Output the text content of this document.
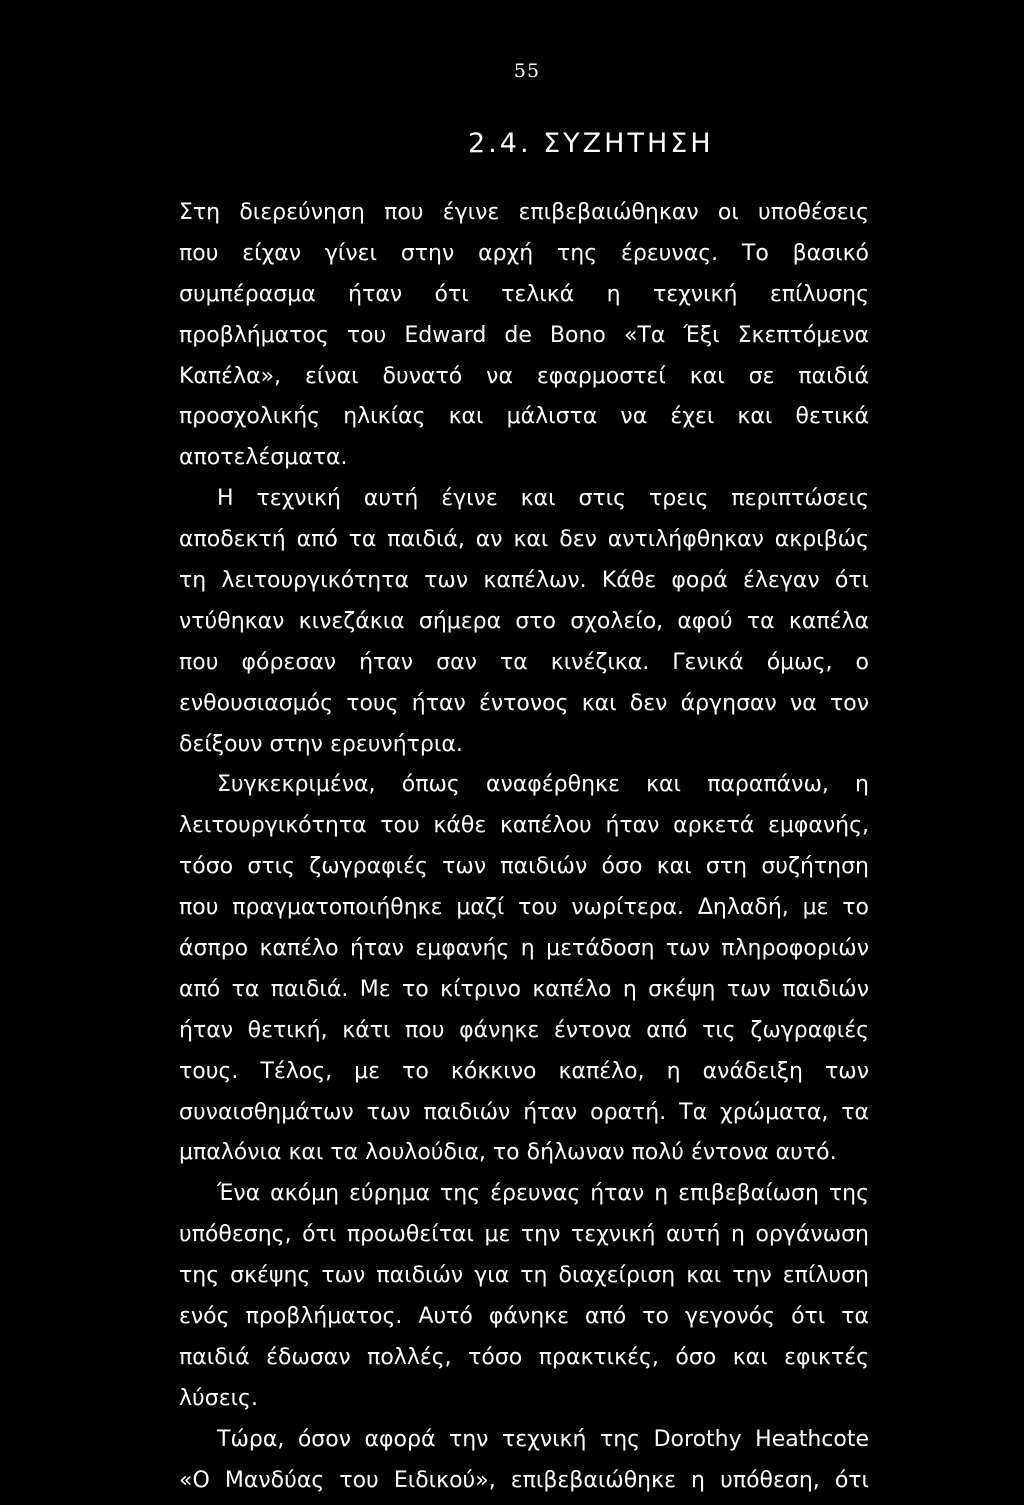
55
2.4. ΣΥΖΗΤΗΣΗ
Στη διερεύνηση που έγινε επιβεβαιώθηκαν οι υποθέσεις
που είχαν γίνει στην αρχή της έρευνας. Το βασικό
συμπέρασμα ήταν ότι τελικά η τεχνική επίλυσης
προβλήματος του Edward de Bono «Τα Έξι Σκεπτόμενα
Καπέλα», είναι δυνατό να εφαρμοστεί και σε παιδιά
προσχολικής ηλικίας και μάλιστα να έχει και θετικά
αποτελέσματα.
Η τεχνική αυτή έγινε και στις τρεις περιπτώσεις
αποδεκτή από τα παιδιά, αν και δεν αντιλήφθηκαν ακριβώς
τη λειτουργικότητα των καπέλων. Κάθε φορά έλεγαν ότι
ντύθηκαν κινεζάκια σήμερα στο σχολείο, αφού τα καπέλα
που φόρεσαν ήταν σαν τα κινέζικα. Γενικά όμως, ο
ενθουσιασμός τους ήταν έντονος και δεν άργησαν να τον
δείξουν στην ερευνήτρια.
Συγκεκριμένα, όπως αναφέρθηκε και παραπάνω, η
λειτουργικότητα του κάθε καπέλου ήταν αρκετά εμφανής,
τόσο στις ζωγραφιές των παιδιών όσο και στη συζήτηση
που πραγματοποιήθηκε μαζί του νωρίτερα. Δηλαδή, με το
άσπρο καπέλο ήταν εμφανής η μετάδοση των πληροφοριών
από τα παιδιά. Με το κίτρινο καπέλο η σκέψη των παιδιών
ήταν θετική, κάτι που φάνηκε έντονα από τις ζωγραφιές
τους. Τέλος, με το κόκκινο καπέλο, η ανάδειξη των
συναισθημάτων των παιδιών ήταν ορατή. Τα χρώματα, τα
μπαλόνια και τα λουλούδια, το δήλωναν πολύ έντονα αυτό.
Ένα ακόμη εύρημα της έρευνας ήταν η επιβεβαίωση της
υπόθεσης, ότι προωθείται με την τεχνική αυτή η οργάνωση
της σκέψης των παιδιών για τη διαχείριση και την επίλυση
ενός προβλήματος. Αυτό φάνηκε από το γεγονός ότι τα
παιδιά έδωσαν πολλές, τόσο πρακτικές, όσο και εφικτές
λύσεις.
Τώρα, όσον αφορά την τεχνική της Dorothy Heathcote
«Ο Μανδύας του Ειδικού», επιβεβαιώθηκε η υπόθεση, ότι
